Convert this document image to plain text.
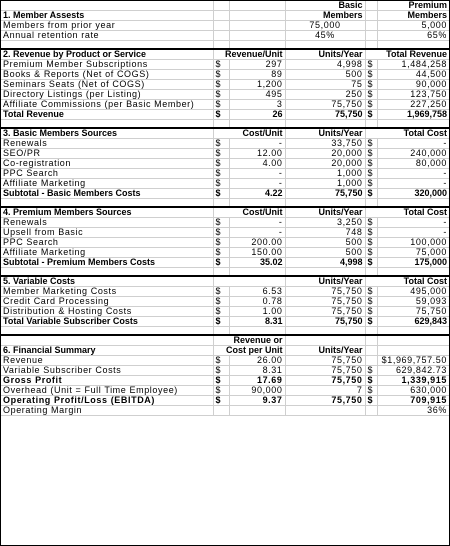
			Basic		Premium
1. Member Assests			Members		Members
Members from prior year			75,000		5,000
Annual retention rate			45%		65%

2. Revenue by Product or Service	Revenue/Unit		Units/Year	Total Revenue	
Premium Member Subscriptions	$	297	4,998	$	1,484,258
Books & Reports (Net of COGS)	$	89	500	$	44,500
Seminars Seats (Net of COGS)	$	1,200	75	$	90,000
Directory Listings (per Listing)	$	495	250	$	123,750
Affiliate Commissions (per Basic Member)	$	3	75,750	$	227,250
Total Revenue	$	26	75,750	$	1,969,758

3. Basic Members Sources	Cost/Unit		Units/Year	Total Cost	
Renewals	$	-	33,750	$	-
SEO/PR	$	12.00	20,000	$	240,000
Co-registration	$	4.00	20,000	$	80,000
PPC Search	$	-	1,000	$	-
Affiliate Marketing	$	-	1,000	$	-
Subtotal - Basic Members Costs	$	4.22	75,750	$	320,000

4. Premium Members Sources	Cost/Unit		Units/Year	Total Cost	
Renewals	$	-	3,250	$	-
Upsell from Basic	$	-	748	$	-
PPC Search	$	200.00	500	$	100,000
Affiliate Marketing	$	150.00	500	$	75,000
Subtotal - Premium Members Costs	$	35.02	4,998	$	175,000

5. Variable Costs			Units/Year	Total Cost	
Member Marketing Costs	$	6.53	75,750	$	495,000
Credit Card Processing	$	0.78	75,750	$	59,093
Distribution & Hosting Costs	$	1.00	75,750	$	75,750
Total Variable Subscriber Costs	$	8.31	75,750	$	629,843

	Revenue or				
6. Financial Summary	Cost per Unit		Units/Year		
Revenue	$	26.00	75,750		$1,969,757.50
Variable Subscriber Costs	$	8.31	75,750	$	629,842.73
Gross Profit	$	17.69	75,750	$	1,339,915
Overhead (Unit = Full Time Employee)	$	90,000	7	$	630,000
Operating Profit/Loss (EBITDA)	$	9.37	75,750	$	709,915
Operating Margin					36%
